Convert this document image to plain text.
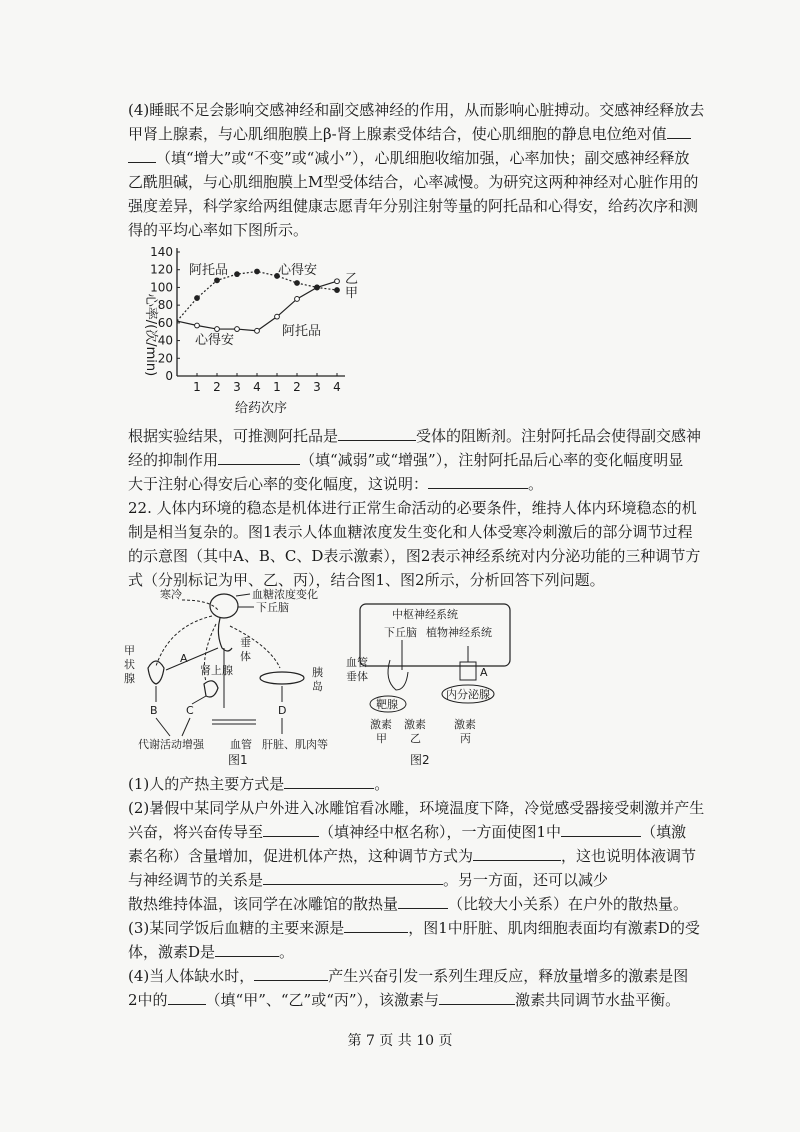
(4)睡眠不足会影响交感神经和副交感神经的作用，从而影响心脏搏动。交感神经释放去
甲肾上腺素，与心肌细胞膜上β-肾上腺素受体结合，使心肌细胞的静息电位绝对值
（填“增大”或“不变”或“减小”），心肌细胞收缩加强，心率加快；副交感神经释放
乙酰胆碱，与心肌细胞膜上M型受体结合，心率减慢。为研究这两种神经对心脏作用的
强度差异，科学家给两组健康志愿青年分别注射等量的阿托品和心得安，给药次序和测
得的平均心率如下图所示。
心率/(次/min)
140
120
100
80
60
40
20
0
1 2 3 4 1 2 3 4
阿托品	心得安
心得安
阿托品
乙
甲
给药次序
根据实验结果，可推测阿托品是	受体的阻断剂。注射阿托品会使得副交感神
经的抑制作用	（填“减弱”或“增强”），注射阿托品后心率的变化幅度明显
大于注射心得安后心率的变化幅度，这说明：	。
22. 人体内环境的稳态是机体进行正常生命活动的必要条件，维持人体内环境稳态的机
制是相当复杂的。图1表示人体血糖浓度发生变化和人体受寒冷刺激后的部分调节过程
的示意图（其中A、B、C、D表示激素），图2表示神经系统对内分泌功能的三种调节方
式（分别标记为甲、乙、丙），结合图1、图2所示，分析回答下列问题。
寒冷	血糖浓度变化
下丘脑
垂
体
甲
状
腺
A
肾上腺
B	C
胰
岛
D
代谢活动增强 血管 肝脏、肌肉等
图1
中枢神经系统
下丘脑 植物神经系统
血管
垂体	A
靶腺
内分泌腺
激素 激素	激素
甲 乙	丙
图2
(1)人的产热主要方式是	。
(2)暑假中某同学从户外进入冰雕馆看冰雕，环境温度下降，冷觉感受器接受刺激并产生
兴奋，将兴奋传导至	（填神经中枢名称），一方面使图1中	（填激
素名称）含量增加，促进机体产热，这种调节方式为	，这也说明体液调节
与神经调节的关系是	。另一方面，还可以减少
散热维持体温，该同学在冰雕馆的散热量	（比较大小关系）在户外的散热量。
(3)某同学饭后血糖的主要来源是	，图1中肝脏、肌肉细胞表面均有激素D的受
体，激素D是	。
(4)当人体缺水时，	产生兴奋引发一系列生理反应，释放量增多的激素是图
2中的	（填“甲”、“乙”或“丙”），该激素与	激素共同调节水盐平衡。
第 7 页 共 10 页
